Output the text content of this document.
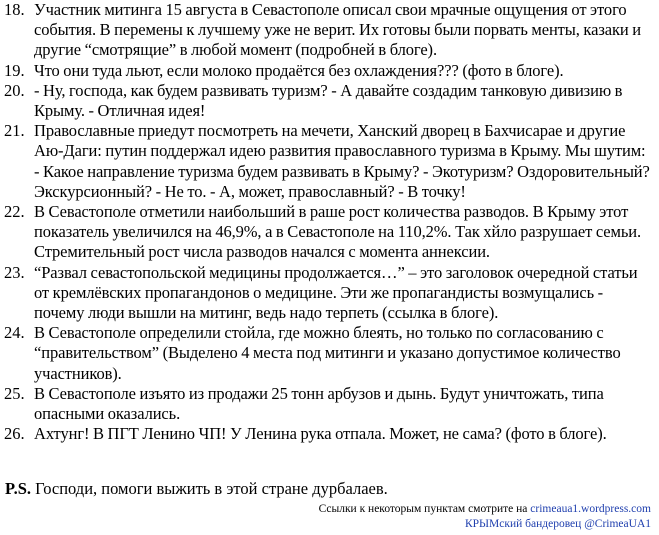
18. Участник митинга 15 августа в Севастополе описал свои мрачные ощущения от этого события. В перемены к лучшему уже не верит. Их готовы были порвать менты, казаки и другие “смотрящие” в любой момент (подробней в блоге).
19. Что они туда льют, если молоко продаётся без охлаждения??? (фото в блоге).
20. - Ну, господа, как будем развивать туризм? - А давайте создадим танковую дивизию в Крыму. - Отличная идея!
21. Православные приедут посмотреть на мечети, Ханский дворец в Бахчисарае и другие Аю-Даги: путин поддержал идею развития православного туризма в Крыму. Мы шутим: - Какое направление туризма будем развивать в Крыму? - Экотуризм? Оздоровительный? Экскурсионный? - Не то. - А, может, православный? - В точку!
22. В Севастополе отметили наибольший в раше рост количества разводов. В Крыму этот показатель увеличился на 46,9%, а в Севастополе на 110,2%. Так хйло разрушает семьи. Стремительный рост числа разводов начался с момента аннексии.
23. “Развал севастопольской медицины продолжается…” – это заголовок очередной статьи от кремлёвских пропагандонов о медицине. Эти же пропагандисты возмущались - почему люди вышли на митинг, ведь надо терпеть (ссылка в блоге).
24. В Севастополе определили стойла, где можно блеять, но только по согласованию с “правительством” (Выделено 4 места под митинги и указано допустимое количество участников).
25. В Севастополе изъято из продажи 25 тонн арбузов и дынь. Будут уничтожать, типа опасными оказались.
26. Ахтунг! В ПГТ Ленино ЧП! У Ленина рука отпала. Может, не сама? (фото в блоге).
P.S. Господи, помоги выжить в этой стране дурбалаев.
Ссылки к некоторым пунктам смотрите на crimeaua1.wordpress.com
КРЫМский бандеровец @CrimeaUA1
